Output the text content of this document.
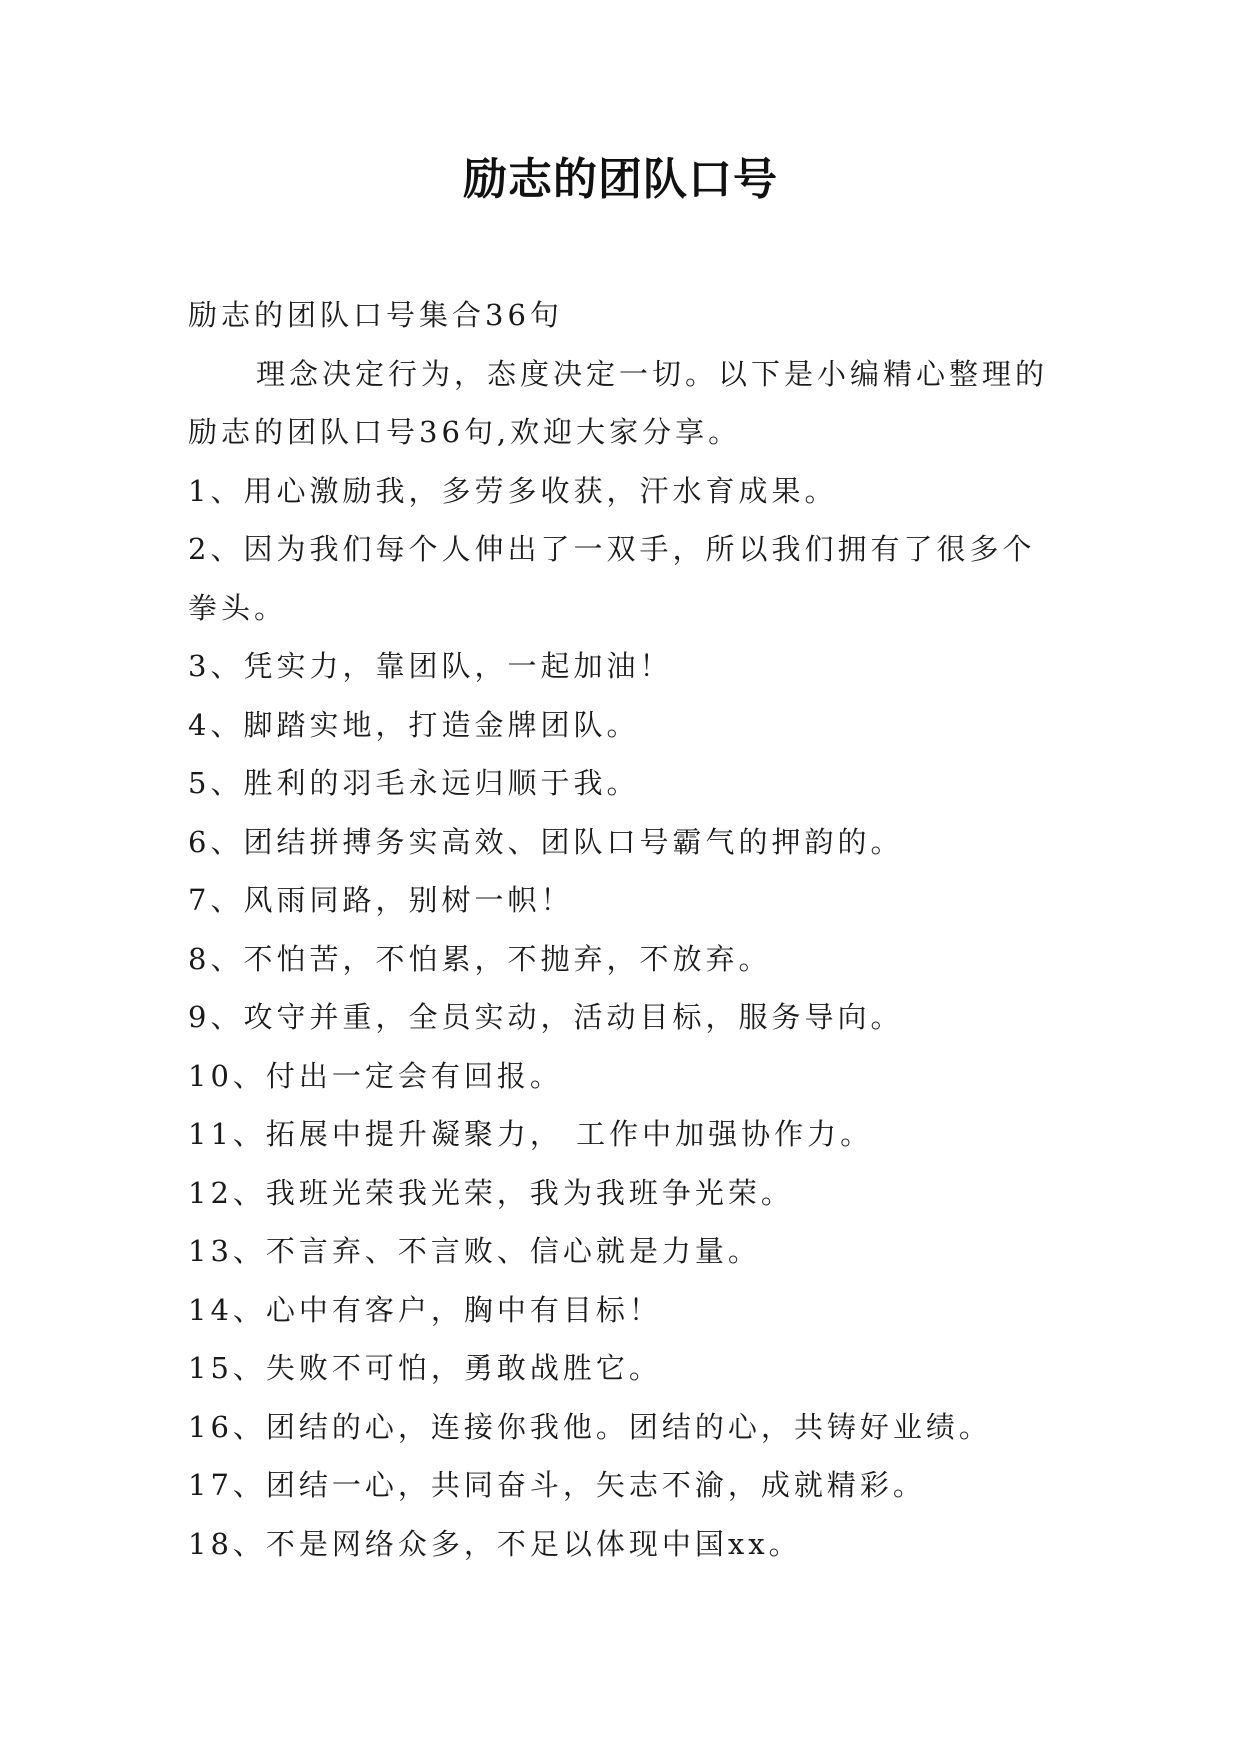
励志的团队口号

励志的团队口号集合36句

理念决定行为，态度决定一切。以下是小编精心整理的励志的团队口号36句,欢迎大家分享。

1、用心激励我，多劳多收获，汗水育成果。

2、因为我们每个人伸出了一双手，所以我们拥有了很多个拳头。

3、凭实力，靠团队，一起加油！

4、脚踏实地，打造金牌团队。

5、胜利的羽毛永远归顺于我。

6、团结拼搏务实高效、团队口号霸气的押韵的。

7、风雨同路，别树一帜！

8、不怕苦，不怕累，不抛弃，不放弃。

9、攻守并重，全员实动，活动目标，服务导向。

10、付出一定会有回报。

11、拓展中提升凝聚力， 工作中加强协作力。

12、我班光荣我光荣，我为我班争光荣。

13、不言弃、不言败、信心就是力量。

14、心中有客户，胸中有目标！

15、失败不可怕，勇敢战胜它。

16、团结的心，连接你我他。团结的心，共铸好业绩。

17、团结一心，共同奋斗，矢志不渝，成就精彩。

18、不是网络众多，不足以体现中国xx。
